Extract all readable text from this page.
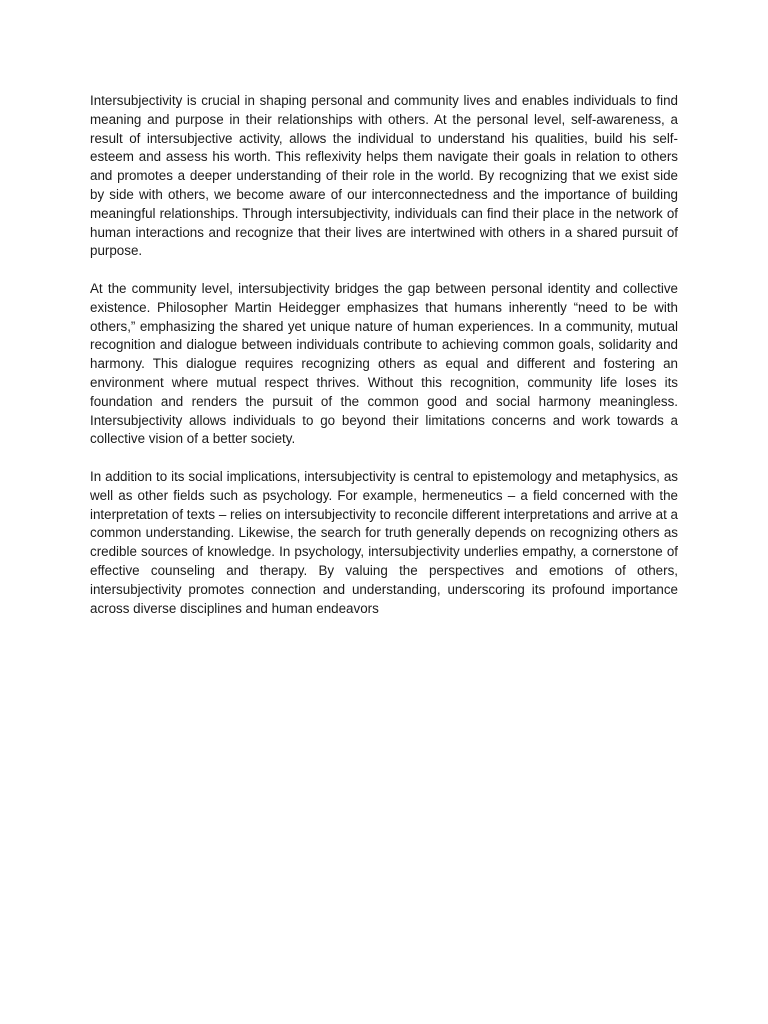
Intersubjectivity is crucial in shaping personal and community lives and enables individuals to find meaning and purpose in their relationships with others. At the personal level, self-awareness, a result of intersubjective activity, allows the individual to understand his qualities, build his self-esteem and assess his worth. This reflexivity helps them navigate their goals in relation to others and promotes a deeper understanding of their role in the world. By recognizing that we exist side by side with others, we become aware of our interconnectedness and the importance of building meaningful relationships. Through intersubjectivity, individuals can find their place in the network of human interactions and recognize that their lives are intertwined with others in a shared pursuit of purpose.

At the community level, intersubjectivity bridges the gap between personal identity and collective existence. Philosopher Martin Heidegger emphasizes that humans inherently “need to be with others,” emphasizing the shared yet unique nature of human experiences. In a community, mutual recognition and dialogue between individuals contribute to achieving common goals, solidarity and harmony. This dialogue requires recognizing others as equal and different and fostering an environment where mutual respect thrives. Without this recognition, community life loses its foundation and renders the pursuit of the common good and social harmony meaningless. Intersubjectivity allows individuals to go beyond their limitations concerns and work towards a collective vision of a better society.

In addition to its social implications, intersubjectivity is central to epistemology and metaphysics, as well as other fields such as psychology. For example, hermeneutics – a field concerned with the interpretation of texts – relies on intersubjectivity to reconcile different interpretations and arrive at a common understanding. Likewise, the search for truth generally depends on recognizing others as credible sources of knowledge. In psychology, intersubjectivity underlies empathy, a cornerstone of effective counseling and therapy. By valuing the perspectives and emotions of others, intersubjectivity promotes connection and understanding, underscoring its profound importance across diverse disciplines and human endeavors
